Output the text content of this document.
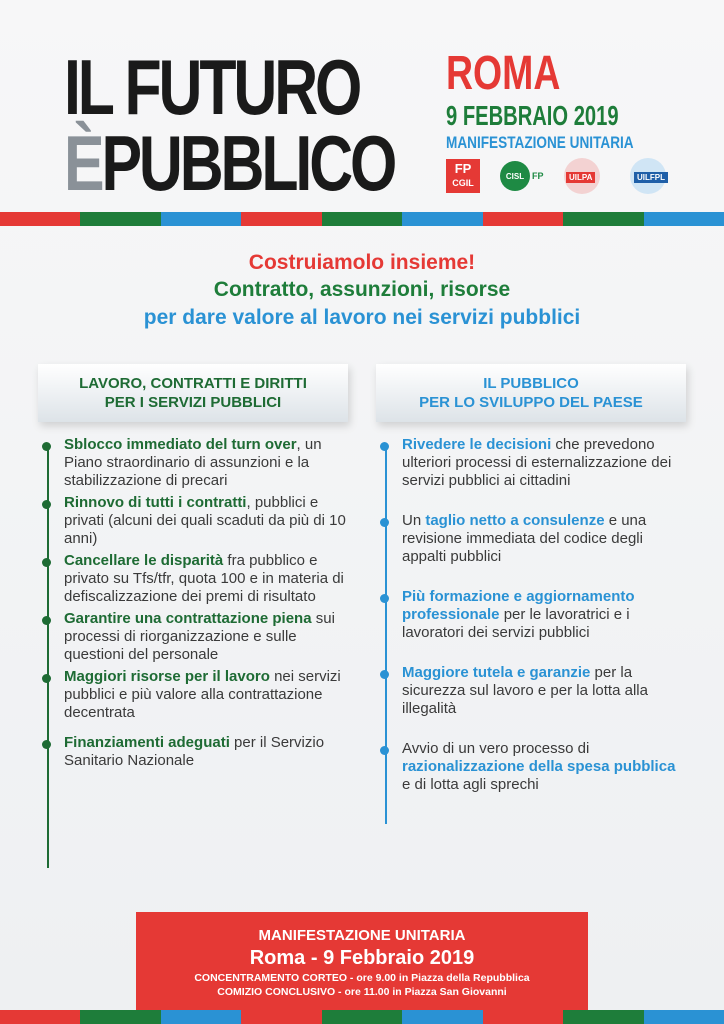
IL FUTURO
ÈPUBBLICO
ROMA
9 FEBBRAIO 2019
MANIFESTAZIONE UNITARIA
FP
CGIL
CISL FP	UILPA	UILFPL
Costruiamolo insieme!
Contratto, assunzioni, risorse
per dare valore al lavoro nei servizi pubblici
LAVORO, CONTRATTI E DIRITTI
PER I SERVIZI PUBBLICI
Sblocco immediato del turn over, un Piano straordinario di assunzioni e la stabilizzazione di precari
Rinnovo di tutti i contratti, pubblici e privati (alcuni dei quali scaduti da più di 10 anni)
Cancellare le disparità fra pubblico e privato su Tfs/tfr, quota 100 e in materia di defiscalizzazione dei premi di risultato
Garantire una contrattazione piena sui processi di riorganizzazione e sulle questioni del personale
Maggiori risorse per il lavoro nei servizi pubblici e più valore alla contrattazione decentrata
Finanziamenti adeguati per il Servizio Sanitario Nazionale
IL PUBBLICO
PER LO SVILUPPO DEL PAESE
Rivedere le decisioni che prevedono ulteriori processi di esternalizzazione dei servizi pubblici ai cittadini
Un taglio netto a consulenze e una revisione immediata del codice degli appalti pubblici
Più formazione e aggiornamento professionale per le lavoratrici e i lavoratori dei servizi pubblici
Maggiore tutela e garanzie per la sicurezza sul lavoro e per la lotta alla illegalità
Avvio di un vero processo di razionalizzazione della spesa pubblica e di lotta agli sprechi
MANIFESTAZIONE UNITARIA
Roma - 9 Febbraio 2019
CONCENTRAMENTO CORTEO - ore 9.00 in Piazza della Repubblica
COMIZIO CONCLUSIVO - ore 11.00 in Piazza San Giovanni
